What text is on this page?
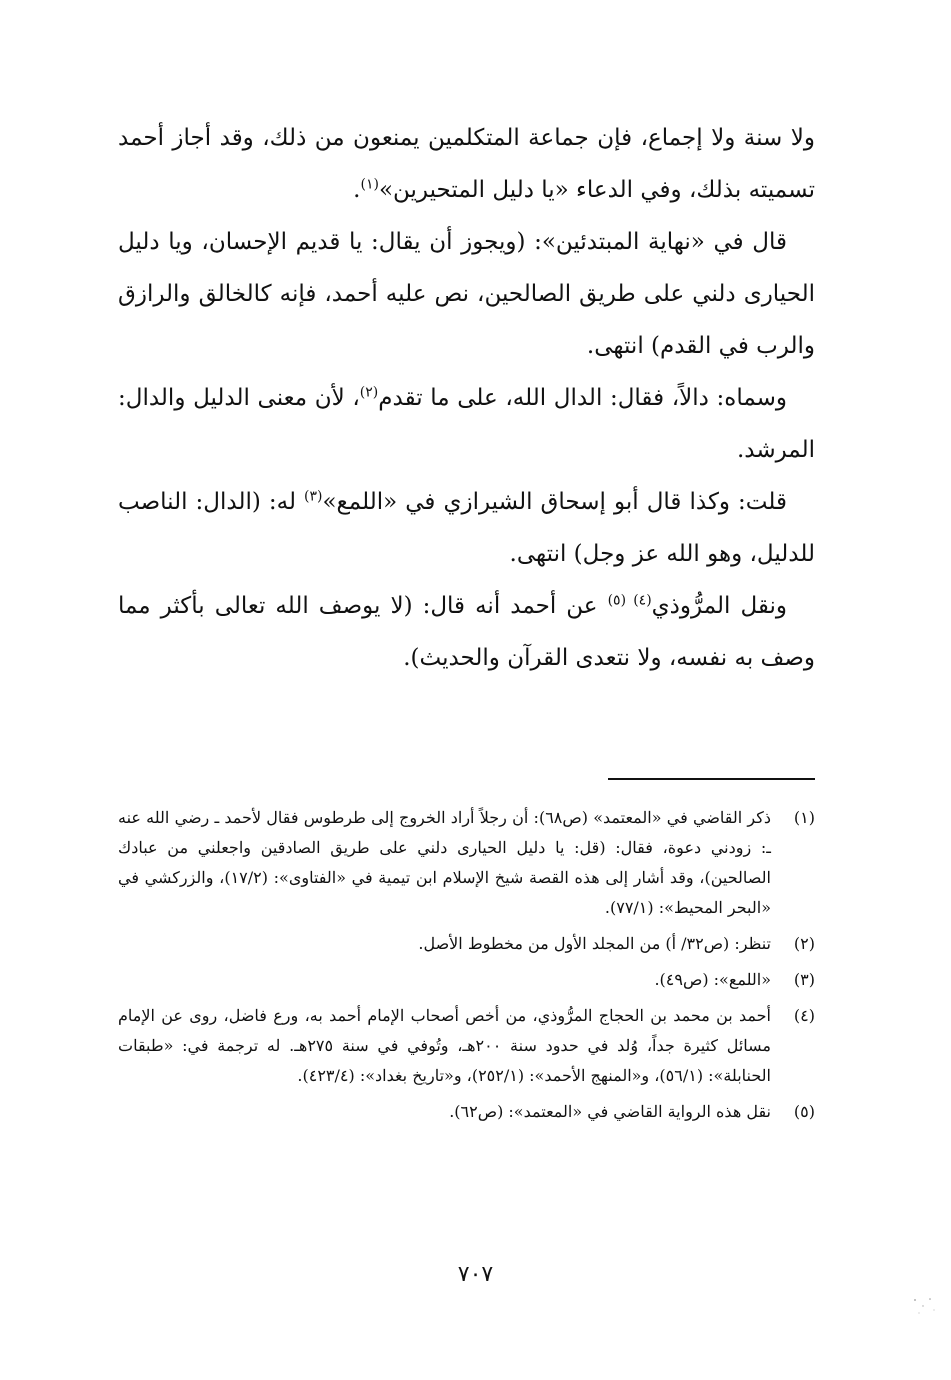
ولا سنة ولا إجماع، فإن جماعة المتكلمين يمنعون من ذلك، وقد أجاز أحمد تسميته بذلك، وفي الدعاء «يا دليل المتحيرين»$^{(١)}$.

قال في «نهاية المبتدئين»: (ويجوز أن يقال: يا قديم الإحسان، ويا دليل الحيارى دلني على طريق الصالحين، نص عليه أحمد، فإنه كالخالق والرازق والرب في القدم) انتهى.

وسماه: دالاً، فقال: الدال الله، على ما تقدم$^{(٢)}$، لأن معنى الدليل والدال: المرشد.

قلت: وكذا قال أبو إسحاق الشيرازي في «اللمع»$^{(٣)}$ له: (الدال: الناصب للدليل، وهو الله عز وجل) انتهى.

ونقل المرُّوذي$^{(٤) (٥)}$ عن أحمد أنه قال: (لا يوصف الله تعالى بأكثر مما وصف به نفسه، ولا نتعدى القرآن والحديث).

(١)
ذكر القاضي في «المعتمد» (ص٦٨): أن رجلاً أراد الخروج إلى طرطوس فقال لأحمد ـ رضي الله عنه ـ: زودني دعوة، فقال: (قل: يا دليل الحيارى دلني على طريق الصادقين واجعلني من عبادك الصالحين)، وقد أشار إلى هذه القصة شيخ الإسلام ابن تيمية في «الفتاوى»: (١٧/٢)، والزركشي في «البحر المحيط»: (٧٧/١).
(٢)
تنظر: (ص٣٢/ أ) من المجلد الأول من مخطوط الأصل.
(٣)
«اللمع»: (ص٤٩).
(٤)
أحمد بن محمد بن الحجاج المرُّوذي، من أخص أصحاب الإمام أحمد به، ورع فاضل، روى عن الإمام مسائل كثيرة جداً، وُلد في حدود سنة ٢٠٠هـ، وتُوفي في سنة ٢٧٥هـ. له ترجمة في: «طبقات الحنابلة»: (٥٦/١)، و«المنهج الأحمد»: (٢٥٢/١)، و«تاريخ بغداد»: (٤٢٣/٤).
(٥)
نقل هذه الرواية القاضي في «المعتمد»: (ص٦٢).
٧٠٧
